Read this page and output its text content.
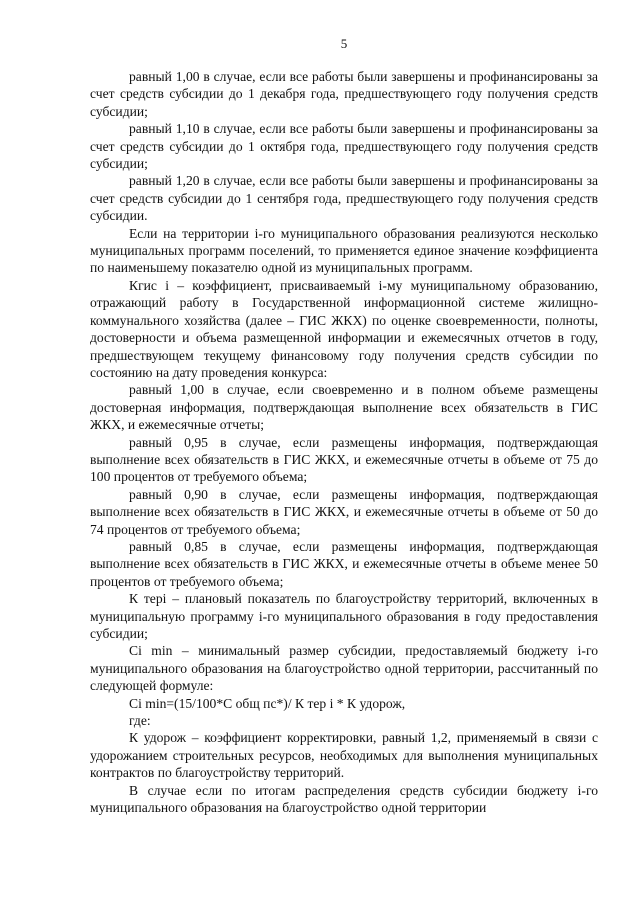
5

равный 1,00 в случае, если все работы были завершены и профинансированы за счет средств субсидии до 1 декабря года, предшествующего году получения средств субсидии;

равный 1,10 в случае, если все работы были завершены и профинансированы за счет средств субсидии до 1 октября года, предшествующего году получения средств субсидии;

равный 1,20 в случае, если все работы были завершены и профинансированы за счет средств субсидии до 1 сентября года, предшествующего году получения средств субсидии.

Если на территории i-го муниципального образования реализуются несколько муниципальных программ поселений, то применяется единое значение коэффициента по наименьшему показателю одной из муниципальных программ.

Кгис i – коэффициент, присваиваемый i-му муниципальному образованию, отражающий работу в Государственной информационной системе жилищно-коммунального хозяйства (далее – ГИС ЖКХ) по оценке своевременности, полноты, достоверности и объема размещенной информации и ежемесячных отчетов в году, предшествующем текущему финансовому году получения средств субсидии по состоянию на дату проведения конкурса:

равный 1,00 в случае, если своевременно и в полном объеме размещены достоверная информация, подтверждающая выполнение всех обязательств в ГИС ЖКХ, и ежемесячные отчеты;

равный 0,95 в случае, если размещены информация, подтверждающая выполнение всех обязательств в ГИС ЖКХ, и ежемесячные отчеты в объеме от 75 до 100 процентов от требуемого объема;

равный 0,90 в случае, если размещены информация, подтверждающая выполнение всех обязательств в ГИС ЖКХ, и ежемесячные отчеты в объеме от 50 до 74 процентов от требуемого объема;

равный 0,85 в случае, если размещены информация, подтверждающая выполнение всех обязательств в ГИС ЖКХ, и ежемесячные отчеты в объеме менее 50 процентов от требуемого объема;

К терi – плановый показатель по благоустройству территорий, включенных в муниципальную программу i-го муниципального образования в году предоставления субсидии;

Ci min – минимальный размер субсидии, предоставляемый бюджету i-го муниципального образования на благоустройство одной территории, рассчитанный по следующей формуле:

Ci min=(15/100*С общ пс*)/ К тер i * К удорож,

где:

К удорож – коэффициент корректировки, равный 1,2, применяемый в связи с удорожанием строительных ресурсов, необходимых для выполнения муниципальных контрактов по благоустройству территорий.

В случае если по итогам распределения средств субсидии бюджету i-го муниципального образования на благоустройство одной территории
